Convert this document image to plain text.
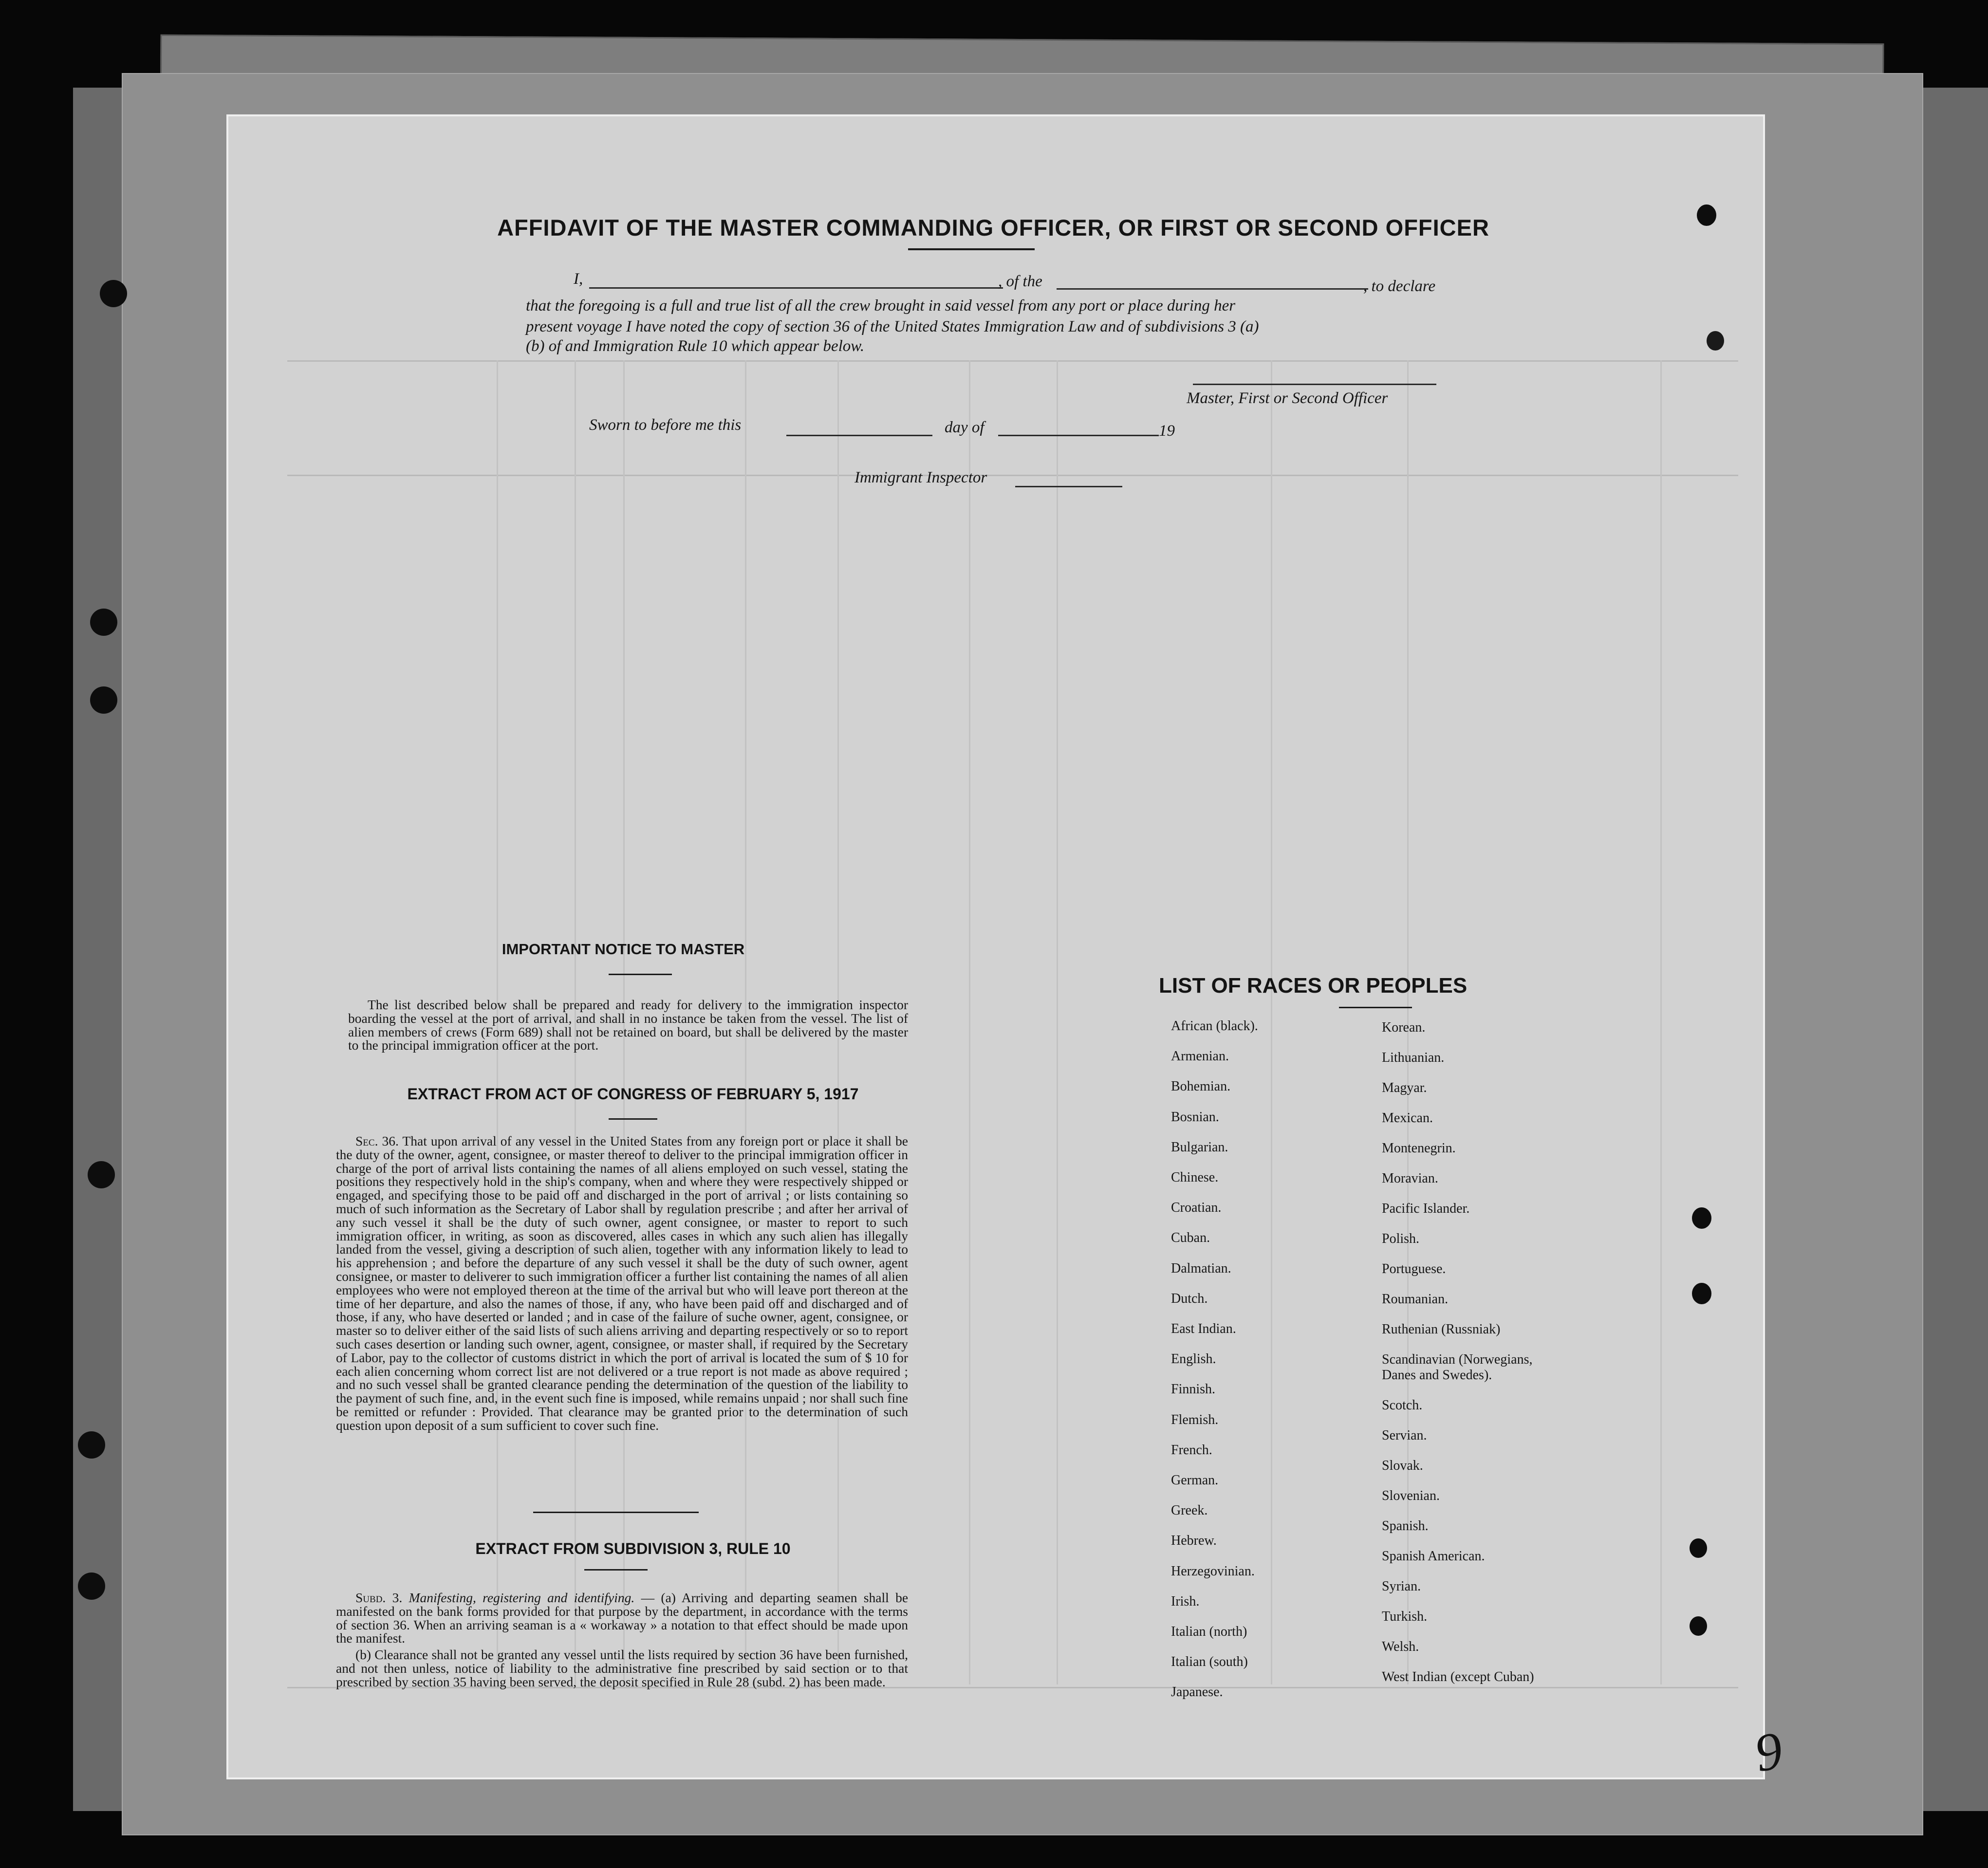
AFFIDAVIT OF THE MASTER COMMANDING OFFICER, OR FIRST OR SECOND OFFICER
I,	, of the	, to declare
that the foregoing is a full and true list of all the crew brought in said vessel from any port or place during her
present voyage I have noted the copy of section 36 of the United States Immigration Law and of subdivisions 3 (a)
(b) of and Immigration Rule 10 which appear below.
Master, First or Second Officer
Sworn to before me this	day of	19
Immigrant Inspector
IMPORTANT NOTICE TO MASTER
The list described below shall be prepared and ready for delivery to the immigration inspector boarding the vessel at the port of arrival, and shall in no instance be taken from the vessel. The list of alien members of crews (Form 689) shall not be retained on board, but shall be delivered by the master to the principal immigration officer at the port.
EXTRACT FROM ACT OF CONGRESS OF FEBRUARY 5, 1917
Sec. 36. That upon arrival of any vessel in the United States from any foreign port or place it shall be the duty of the owner, agent, consignee, or master thereof to deliver to the principal immigration officer in charge of the port of arrival lists containing the names of all aliens employed on such vessel, stating the positions they respectively hold in the ship's company, when and where they were respectively shipped or engaged, and specifying those to be paid off and discharged in the port of arrival ; or lists containing so much of such information as the Secretary of Labor shall by regulation prescribe ; and after her arrival of any such vessel it shall be the duty of such owner, agent consignee, or master to report to such immigration officer, in writing, as soon as discovered, alles cases in which any such alien has illegally landed from the vessel, giving a description of such alien, together with any information likely to lead to his apprehension ; and before the departure of any such vessel it shall be the duty of such owner, agent consignee, or master to deliverer to such immigration officer a further list containing the names of all alien employees who were not employed thereon at the time of the arrival but who will leave port thereon at the time of her departure, and also the names of those, if any, who have been paid off and discharged and of those, if any, who have deserted or landed ; and in case of the failure of suche owner, agent, consignee, or master so to deliver either of the said lists of such aliens arriving and departing respectively or so to report such cases desertion or landing such owner, agent, consignee, or master shall, if required by the Secretary of Labor, pay to the collector of customs district in which the port of arrival is located the sum of $ 10 for each alien concerning whom correct list are not delivered or a true report is not made as above required ; and no such vessel shall be granted clearance pending the determination of the question of the liability to the payment of such fine, and, in the event such fine is imposed, while remains unpaid ; nor shall such fine be remitted or refunder : Provided. That clearance may be granted prior to the determination of such question upon deposit of a sum sufficient to cover such fine.
EXTRACT FROM SUBDIVISION 3, RULE 10
Subd. 3. Manifesting, registering and identifying. — (a) Arriving and departing seamen shall be manifested on the bank forms provided for that purpose by the department, in accordance with the terms of section 36. When an arriving seaman is a « workaway » a notation to that effect should be made upon the manifest.
(b) Clearance shall not be granted any vessel until the lists required by section 36 have been furnished, and not then unless, notice of liability to the administrative fine prescribed by said section or to that prescribed by section 35 having been served, the deposit specified in Rule 28 (subd. 2) has been made.
LIST OF RACES OR PEOPLES
African (black).
Armenian.
Bohemian.
Bosnian.
Bulgarian.
Chinese.
Croatian.
Cuban.
Dalmatian.
Dutch.
East Indian.
English.
Finnish.
Flemish.
French.
German.
Greek.
Hebrew.
Herzegovinian.
Irish.
Italian (north)
Italian (south)
Japanese.
Korean.
Lithuanian.
Magyar.
Mexican.
Montenegrin.
Moravian.
Pacific Islander.
Polish.
Portuguese.
Roumanian.
Ruthenian (Russniak)
Scandinavian (Norwegians,
Danes and Swedes).
Scotch.
Servian.
Slovak.
Slovenian.
Spanish.
Spanish American.
Syrian.
Turkish.
Welsh.
West Indian (except Cuban)
9
